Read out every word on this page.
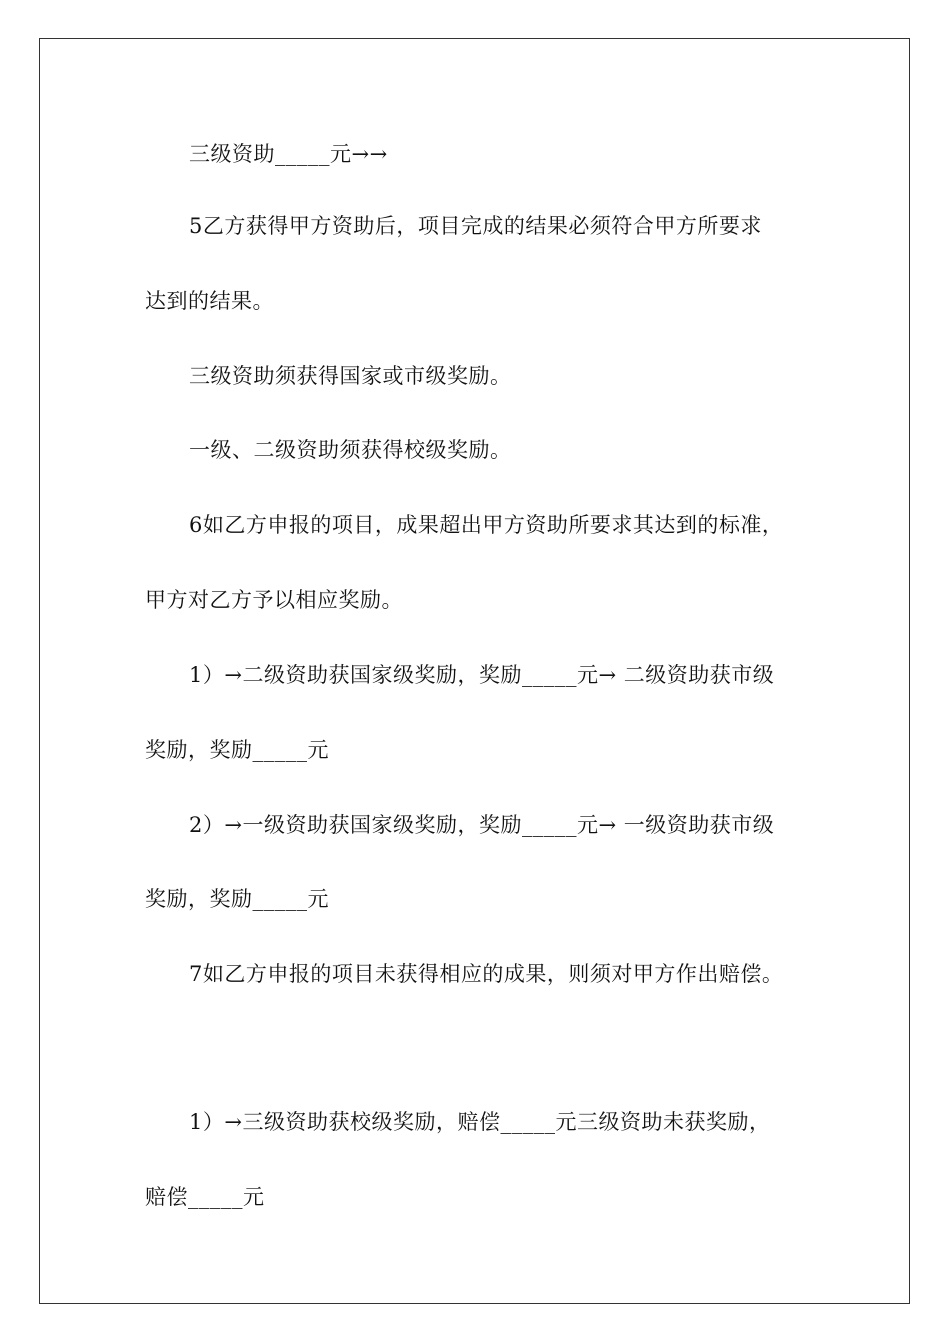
三级资助_____元→→
5乙方获得甲方资助后，项目完成的结果必须符合甲方所要求
达到的结果。
三级资助须获得国家或市级奖励。
一级、二级资助须获得校级奖励。
6如乙方申报的项目，成果超出甲方资助所要求其达到的标准，
甲方对乙方予以相应奖励。
1）→二级资助获国家级奖励，奖励_____元→ 二级资助获市级
奖励，奖励_____元
2）→一级资助获国家级奖励，奖励_____元→ 一级资助获市级
奖励，奖励_____元
7如乙方申报的项目未获得相应的成果，则须对甲方作出赔偿。
1）→三级资助获校级奖励，赔偿_____元三级资助未获奖励，
赔偿_____元
